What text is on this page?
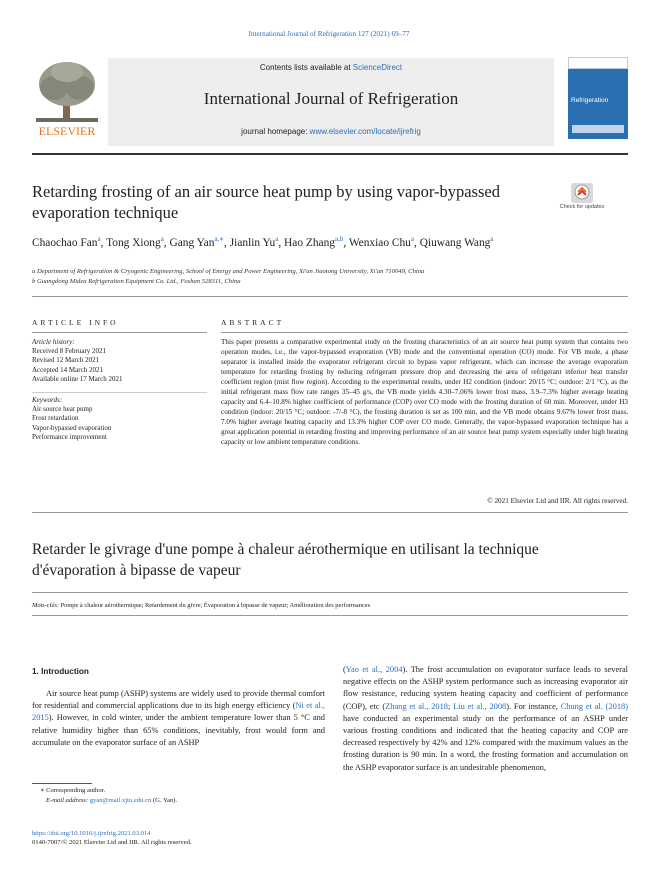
International Journal of Refrigeration 127 (2021) 69–77
ELSEVIER
Contents lists available at ScienceDirect
International Journal of Refrigeration
journal homepage: www.elsevier.com/locate/ijrefrig
Refrigeration
Retarding frosting of an air source heat pump by using vapor-bypassed evaporation technique	Check for updates
Chaochao Fan$^a$, Tong Xiong$^a$, Gang Yan$^{a,∗}$, Jianlin Yu$^a$, Hao Zhang$^{a,b}$, Wenxiao Chu$^a$, Qiuwang Wang$^a$
a Department of Refrigeration & Cryogenic Engineering, School of Energy and Power Engineering, Xi'an Jiaotong University, Xi'an 710049, China
b Guangdong Midea Refrigeration Equipment Co. Ltd., Foshan 528311, China
ARTICLE INFO	ABSTRACT
Article history:
Received 8 February 2021
Revised 12 March 2021
Accepted 14 March 2021
Available online 17 March 2021
Keywords:
Air source heat pump
Frost retardation
Vapor-bypassed evaporation
Performance improvement
This paper presents a comparative experimental study on the frosting characteristics of an air source heat pump system that contains two operation modes, i.e., the vapor-bypassed evaporation (VB) mode and the conventional operation (CO) mode. For VB mode, a phase separator is installed inside the evaporator refrigerant circuit to bypass vapor refrigerant, which can increase the average evaporation temperature for retarding frosting by reducing refrigerant pressure drop and decreasing the area of refrigerant inferior heat transfer coefficient region (mist flow region). According to the experimental results, under H2 condition (indoor: 20/15 °C; outdoor: 2/1 °C), as the initial refrigerant mass flow rate ranges 35–45 g/s, the VB mode yields 4.30–7.06% lower frost mass, 3.9–7.3% higher average heating capacity and 6.4–10.8% higher coefficient of performance (COP) over CO mode with the frosting duration of 60 min. Moreover, under H3 condition (indoor: 20/15 °C; outdoor: -7/-8 °C), the frosting duration is set as 100 min, and the VB mode obtains 9.67% lower frost mass, 7.0% higher average heating capacity and 13.3% higher COP over CO mode. Generally, the vapor-bypassed evaporation technique has a great application potential in retarding frosting and improving performance of an air source heat pump system especially under high heating capacity or low ambient temperature conditions.
© 2021 Elsevier Ltd and IIR. All rights reserved.
Retarder le givrage d'une pompe à chaleur aérothermique en utilisant la technique d'évaporation à bipasse de vapeur
Mots-clés: Pompe à chaleur aérothermique; Retardement du givre; Évaporation à bipasse de vapeur; Amélioration des performances
1. Introduction
Air source heat pump (ASHP) systems are widely used to provide thermal comfort for residential and commercial applications due to its high energy efficiency (Ni et al., 2015). However, in cold winter, under the ambient temperature lower than 5 °C and relative humidity higher than 65% conditions, inevitably, frost would form and accumulate on the evaporator surface of an ASHP
(Yao et al., 2004). The frost accumulation on evaporator surface leads to several negative effects on the ASHP system performance such as increasing evaporator air flow resistance, reducing system heating capacity and coefficient of performance (COP), etc (Zhang et al., 2018; Liu et al., 2008). For instance, Chung et al. (2018) have conducted an experimental study on the performance of an ASHP under various frosting conditions and indicated that the heating capacity and COP are decreased respectively by 42% and 12% compared with the maximum values as the frosting duration is 90 min. In a word, the frosting formation and accumulation on the ASHP evaporator surface is an undesirable phenomenon,
∗ Corresponding author.
E-mail address: gyan@mail.xjtu.edu.cn (G. Yan).
https://doi.org/10.1016/j.ijrefrig.2021.03.014
0140-7007/© 2021 Elsevier Ltd and IIR. All rights reserved.
